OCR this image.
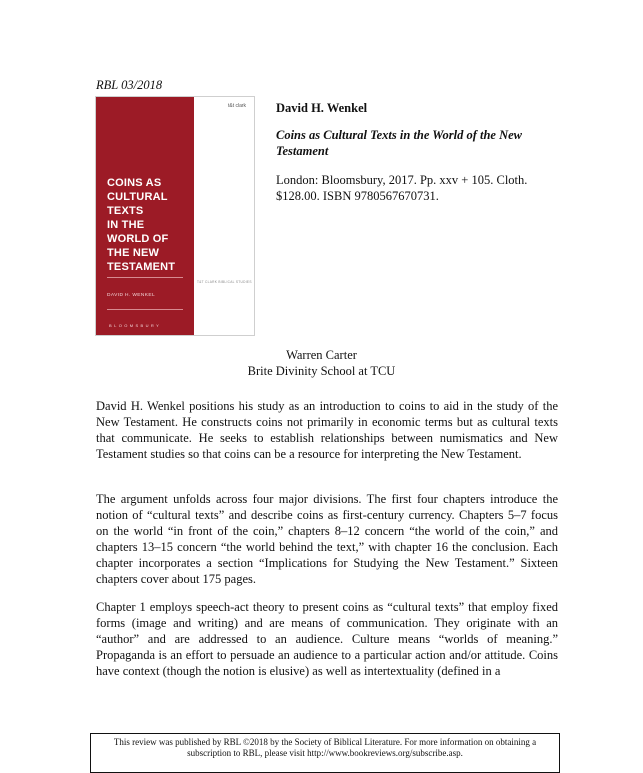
RBL 03/2018
t&t clark
COINS AS
CULTURAL
TEXTS
IN THE
WORLD OF
THE NEW
TESTAMENT
T&T CLARK BIBLICAL STUDIES
DAVID H. WENKEL
BLOOMSBURY
David H. Wenkel
Coins as Cultural Texts in the World of the New Testament
London: Bloomsbury, 2017. Pp. xxv + 105. Cloth. $128.00. ISBN 9780567670731.
Warren Carter
Brite Divinity School at TCU

David H. Wenkel positions his study as an introduction to coins to aid in the study of the New Testament. He constructs coins not primarily in economic terms but as cultural texts that communicate. He seeks to establish relationships between numismatics and New Testament studies so that coins can be a resource for interpreting the New Testament.

The argument unfolds across four major divisions. The first four chapters introduce the notion of “cultural texts” and describe coins as first-century currency. Chapters 5–7 focus on the world “in front of the coin,” chapters 8–12 concern “the world of the coin,” and chapters 13–15 concern “the world behind the text,” with chapter 16 the conclusion. Each chapter incorporates a section “Implications for Studying the New Testament.” Sixteen chapters cover about 175 pages.

Chapter 1 employs speech-act theory to present coins as “cultural texts” that employ fixed forms (image and writing) and are means of communication. They originate with an “author” and are addressed to an audience. Culture means “worlds of meaning.” Propaganda is an effort to persuade an audience to a particular action and/or attitude. Coins have context (though the notion is elusive) as well as intertextuality (defined in a

This review was published by RBL ©2018 by the Society of Biblical Literature. For more information on obtaining a subscription to RBL, please visit http://www.bookreviews.org/subscribe.asp.
